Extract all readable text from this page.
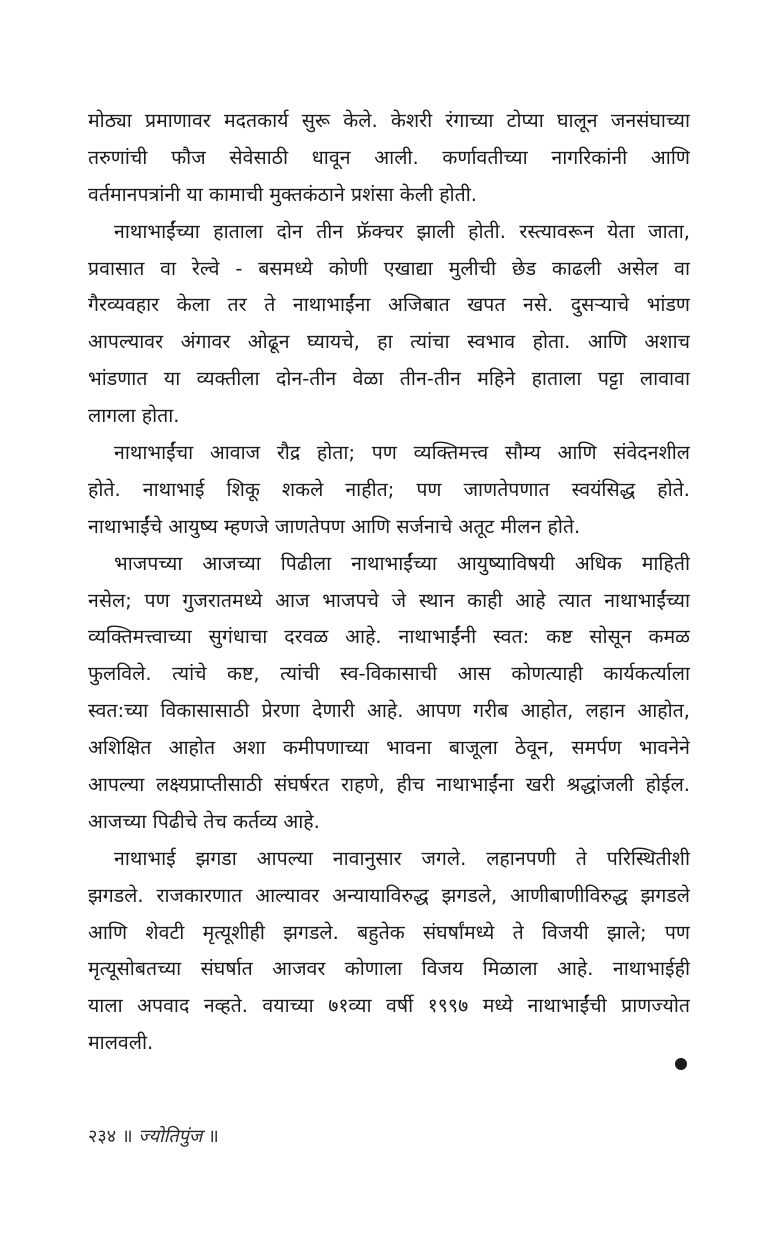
मोठ्या प्रमाणावर मदतकार्य सुरू केले. केशरी रंगाच्या टोप्या घालून जनसंघाच्या
तरुणांची फौज सेवेसाठी धावून आली. कर्णावतीच्या नागरिकांनी आणि
वर्तमानपत्रांनी या कामाची मुक्तकंठाने प्रशंसा केली होती.
नाथाभाईंच्या हाताला दोन तीन फ्रॅक्चर झाली होती. रस्त्यावरून येता जाता,
प्रवासात वा रेल्वे - बसमध्ये कोणी एखाद्या मुलीची छेड काढली असेल वा
गैरव्यवहार केला तर ते नाथाभाईंना अजिबात खपत नसे. दुसऱ्याचे भांडण
आपल्यावर अंगावर ओढून घ्यायचे, हा त्यांचा स्वभाव होता. आणि अशाच
भांडणात या व्यक्तीला दोन-तीन वेळा तीन-तीन महिने हाताला पट्टा लावावा
लागला होता.
नाथाभाईंचा आवाज रौद्र होता; पण व्यक्तिमत्त्व सौम्य आणि संवेदनशील
होते. नाथाभाई शिकू शकले नाहीत; पण जाणतेपणात स्वयंसिद्ध होते.
नाथाभाईंचे आयुष्य म्हणजे जाणतेपण आणि सर्जनाचे अतूट मीलन होते.
भाजपच्या आजच्या पिढीला नाथाभाईंच्या आयुष्याविषयी अधिक माहिती
नसेल; पण गुजरातमध्ये आज भाजपचे जे स्थान काही आहे त्यात नाथाभाईंच्या
व्यक्तिमत्त्वाच्या सुगंधाचा दरवळ आहे. नाथाभाईंनी स्वत: कष्ट सोसून कमळ
फुलविले. त्यांचे कष्ट, त्यांची स्व-विकासाची आस कोणत्याही कार्यकर्त्याला
स्वत:च्या विकासासाठी प्रेरणा देणारी आहे. आपण गरीब आहोत, लहान आहोत,
अशिक्षित आहोत अशा कमीपणाच्या भावना बाजूला ठेवून, समर्पण भावनेने
आपल्या लक्ष्यप्राप्तीसाठी संघर्षरत राहणे, हीच नाथाभाईंना खरी श्रद्धांजली होईल.
आजच्या पिढीचे तेच कर्तव्य आहे.
नाथाभाई झगडा आपल्या नावानुसार जगले. लहानपणी ते परिस्थितीशी
झगडले. राजकारणात आल्यावर अन्यायाविरुद्ध झगडले, आणीबाणीविरुद्ध झगडले
आणि शेवटी मृत्यूशीही झगडले. बहुतेक संघर्षांमध्ये ते विजयी झाले; पण
मृत्यूसोबतच्या संघर्षात आजवर कोणाला विजय मिळाला आहे. नाथाभाईही
याला अपवाद नव्हते. वयाच्या ७१व्या वर्षी १९९७ मध्ये नाथाभाईंची प्राणज्योत
मालवली.
२३४ ॥ ज्योतिपुंज ॥
